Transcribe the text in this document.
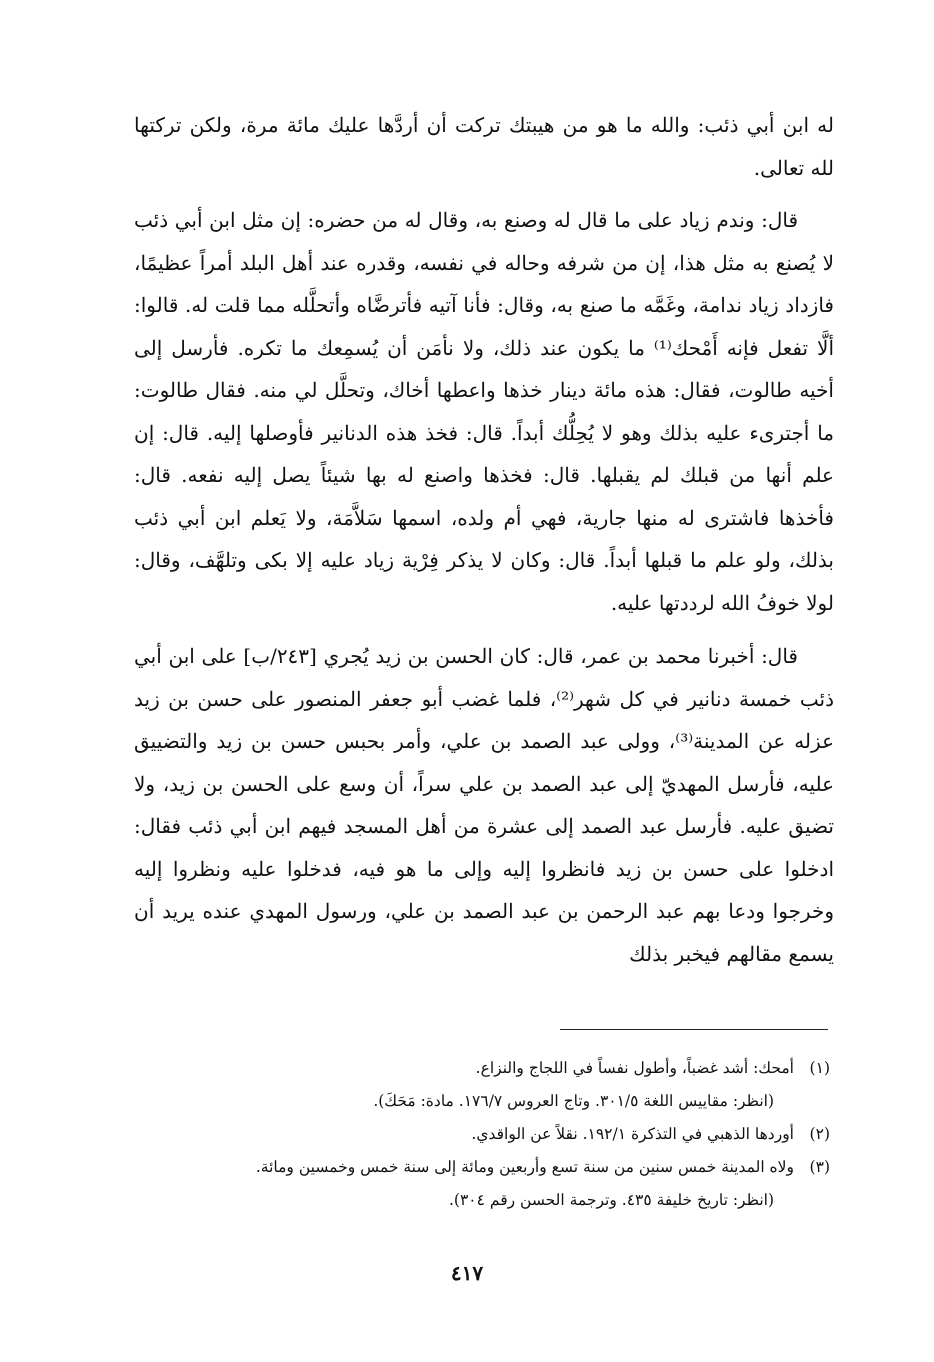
له ابن أبي ذئب: والله ما هو من هيبتك تركت أن أردَّها عليك مائة مرة، ولكن تركتها لله تعالى.

قال: وندم زياد على ما قال له وصنع به، وقال له من حضره: إن مثل ابن أبي ذئب لا يُصنع به مثل هذا، إن من شرفه وحاله في نفسه، وقدره عند أهل البلد أمراً عظيمًا، فازداد زياد ندامة، وغَمَّه ما صنع به، وقال: فأنا آتيه فأترضَّاه وأتحلَّله مما قلت له. قالوا: ألَّا تفعل فإنه أَمْحك⁽¹⁾ ما يكون عند ذلك، ولا نأمَن أن يُسمِعك ما تكره. فأرسل إلى أخيه طالوت، فقال: هذه مائة دينار خذها واعطها أخاك، وتحلَّل لي منه. فقال طالوت: ما أجترىء عليه بذلك وهو لا يُحِلُّك أبداً. قال: فخذ هذه الدنانير فأوصلها إليه. قال: إن علم أنها من قبلك لم يقبلها. قال: فخذها واصنع له بها شيئاً يصل إليه نفعه. قال: فأخذها فاشترى له منها جارية، فهي أم ولده، اسمها سَلاَّمَة، ولا يَعلم ابن أبي ذئب بذلك، ولو علم ما قبلها أبداً. قال: وكان لا يذكر فِرْية زياد عليه إلا بكى وتلهَّف، وقال: لولا خوفُ الله لرددتها عليه.

قال: أخبرنا محمد بن عمر، قال: كان الحسن بن زيد يُجري [٢٤٣/ب] على ابن أبي ذئب خمسة دنانير في كل شهر⁽²⁾، فلما غضب أبو جعفر المنصور على حسن بن زيد عزله عن المدينة⁽³⁾، وولى عبد الصمد بن علي، وأمر بحبس حسن بن زيد والتضييق عليه، فأرسل المهديّ إلى عبد الصمد بن علي سراً، أن وسع على الحسن بن زيد، ولا تضيق عليه. فأرسل عبد الصمد إلى عشرة من أهل المسجد فيهم ابن أبي ذئب فقال: ادخلوا على حسن بن زيد فانظروا إليه وإلى ما هو فيه، فدخلوا عليه ونظروا إليه وخرجوا ودعا بهم عبد الرحمن بن عبد الصمد بن علي، ورسول المهدي عنده يريد أن يسمع مقالهم فيخبر بذلك

(١)
أمحك: أشد غضباً، وأطول نفساً في اللجاج والنزاع.
(انظر: مقاييس اللغة ٣٠١/٥. وتاج العروس ١٧٦/٧. مادة: مَحَكَ).
(٢)
أوردها الذهبي في التذكرة ١٩٢/١. نقلاً عن الواقدي.
(٣)
ولاه المدينة خمس سنين من سنة تسع وأربعين ومائة إلى سنة خمس وخمسين ومائة.
(انظر: تاريخ خليفة ٤٣٥. وترجمة الحسن رقم ٣٠٤).
٤١٧
